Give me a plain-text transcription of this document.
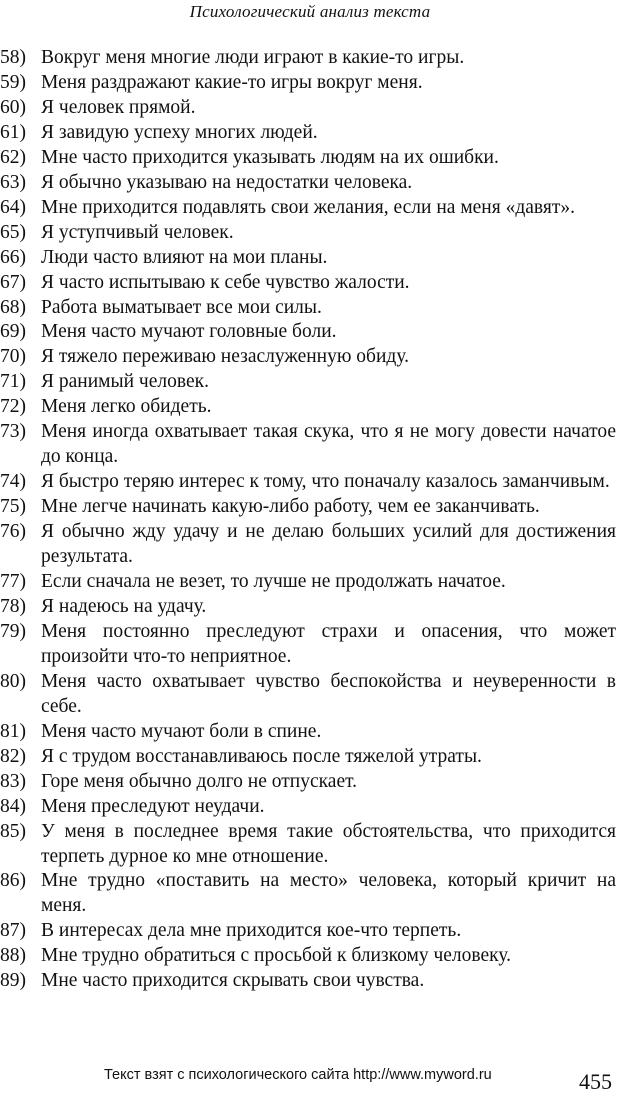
Психологический анализ текста
58) Вокруг меня многие люди играют в какие-то игры.
59) Меня раздражают какие-то игры вокруг меня.
60) Я человек прямой.
61) Я завидую успеху многих людей.
62) Мне часто приходится указывать людям на их ошибки.
63) Я обычно указываю на недостатки человека.
64) Мне приходится подавлять свои желания, если на меня «давят».
65) Я уступчивый человек.
66) Люди часто влияют на мои планы.
67) Я часто испытываю к себе чувство жалости.
68) Работа выматывает все мои силы.
69) Меня часто мучают головные боли.
70) Я тяжело переживаю незаслуженную обиду.
71) Я ранимый человек.
72) Меня легко обидеть.
73) Меня иногда охватывает такая скука, что я не могу довести начатое до конца.
74) Я быстро теряю интерес к тому, что поначалу казалось заманчивым.
75) Мне легче начинать какую-либо работу, чем ее заканчивать.
76) Я обычно жду удачу и не делаю больших усилий для достижения результата.
77) Если сначала не везет, то лучше не продолжать начатое.
78) Я надеюсь на удачу.
79) Меня постоянно преследуют страхи и опасения, что может произойти что-то неприятное.
80) Меня часто охватывает чувство беспокойства и неуверенности в себе.
81) Меня часто мучают боли в спине.
82) Я с трудом восстанавливаюсь после тяжелой утраты.
83) Горе меня обычно долго не отпускает.
84) Меня преследуют неудачи.
85) У меня в последнее время такие обстоятельства, что приходится терпеть дурное ко мне отношение.
86) Мне трудно «поставить на место» человека, который кричит на меня.
87) В интересах дела мне приходится кое-что терпеть.
88) Мне трудно обратиться с просьбой к близкому человеку.
89) Мне часто приходится скрывать свои чувства.
Текст взят с психологического сайта http://www.myword.ru	455
